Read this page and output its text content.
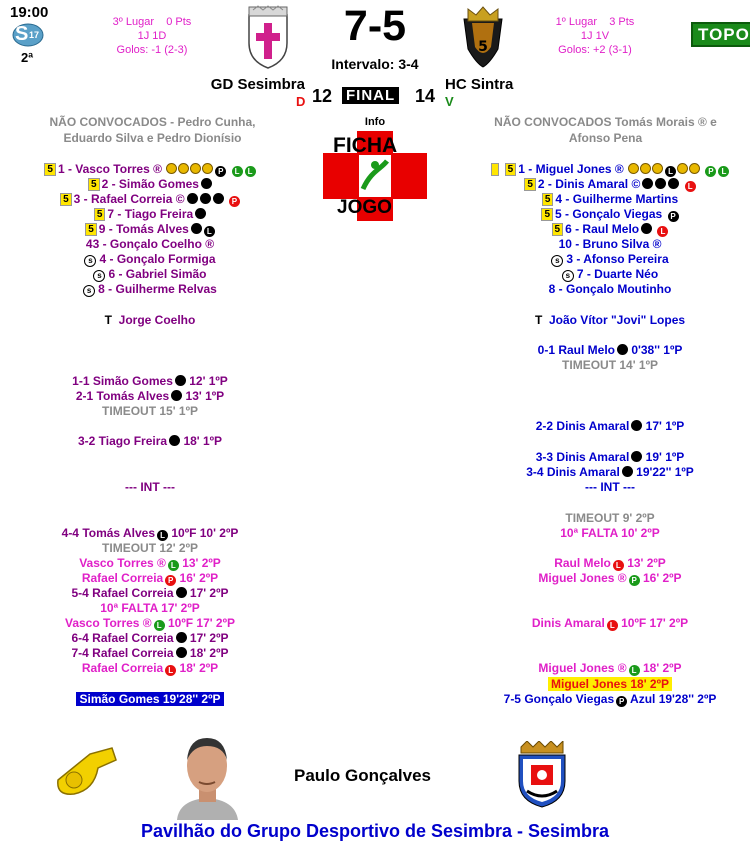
19:00
S 17
2ª
3º Lugar 0 Pts
1J 1D
Golos: -1 (2-3)	7-5
Intervalo: 3-4
5
1º Lugar 3 Pts
1J 1V
Golos: +2 (3-1)
TOPO
GD Sesimbra
D 12 FINAL 14 V
HC Sintra
NÃO CONVOCADOS - Pedro Cunha, Eduardo Silva e Pedro Dionísio
NÃO CONVOCADOS Tomás Morais ® e Afonso Pena
Info
FICHA
JOGO
5 1 - Vasco Torres ®	P L L
5 2 - Simão Gomes
5 3 - Rafael Correia ©	P
5 7 - Tiago Freira
5 9 - Tomás Alves L
43 - Gonçalo Coelho ®
s 4 - Gonçalo Formiga
s 6 - Gabriel Simão
s 8 - Guilherme Relvas
T Jorge Coelho
5 1 - Miguel Jones ®	L	P L
5 2 - Dinis Amaral ©	L
5 4 - Guilherme Martins
5 5 - Gonçalo Viegas P
5 6 - Raul Melo	L
10 - Bruno Silva ®
s 3 - Afonso Pereira
s 7 - Duarte Néo
8 - Gonçalo Moutinho
T João Vítor "Jovi" Lopes
1-1 Simão Gomes 12' 1ºP
2-1 Tomás Alves 13' 1ºP
TIMEOUT 15' 1ºP
3-2 Tiago Freira 18' 1ºP
--- INT ---
4-4 Tomás Alves L 10ºF 10' 2ºP
TIMEOUT 12' 2ºP
Vasco Torres ® L 13' 2ºP
Rafael Correia P 16' 2ºP
5-4 Rafael Correia 17' 2ºP
10ª FALTA 17' 2ºP
Vasco Torres ® L 10ºF 17' 2ºP
6-4 Rafael Correia 17' 2ºP
7-4 Rafael Correia 18' 2ºP
Rafael Correia L 18' 2ºP
Simão Gomes 19'28'' 2ºP
0-1 Raul Melo 0'38'' 1ºP
TIMEOUT 14' 1ºP
2-2 Dinis Amaral 17' 1ºP
3-3 Dinis Amaral 19' 1ºP
3-4 Dinis Amaral 19'22'' 1ºP
--- INT ---
TIMEOUT 9' 2ºP
10ª FALTA 10' 2ºP
Raul Melo L 13' 2ºP
Miguel Jones ® P 16' 2ºP
Dinis Amaral L 10ºF 17' 2ºP
Miguel Jones ® L 18' 2ºP
Miguel Jones 18' 2ºP
7-5 Gonçalo Viegas P Azul 19'28'' 2ºP
Paulo Gonçalves
Pavilhão do Grupo Desportivo de Sesimbra - Sesimbra
